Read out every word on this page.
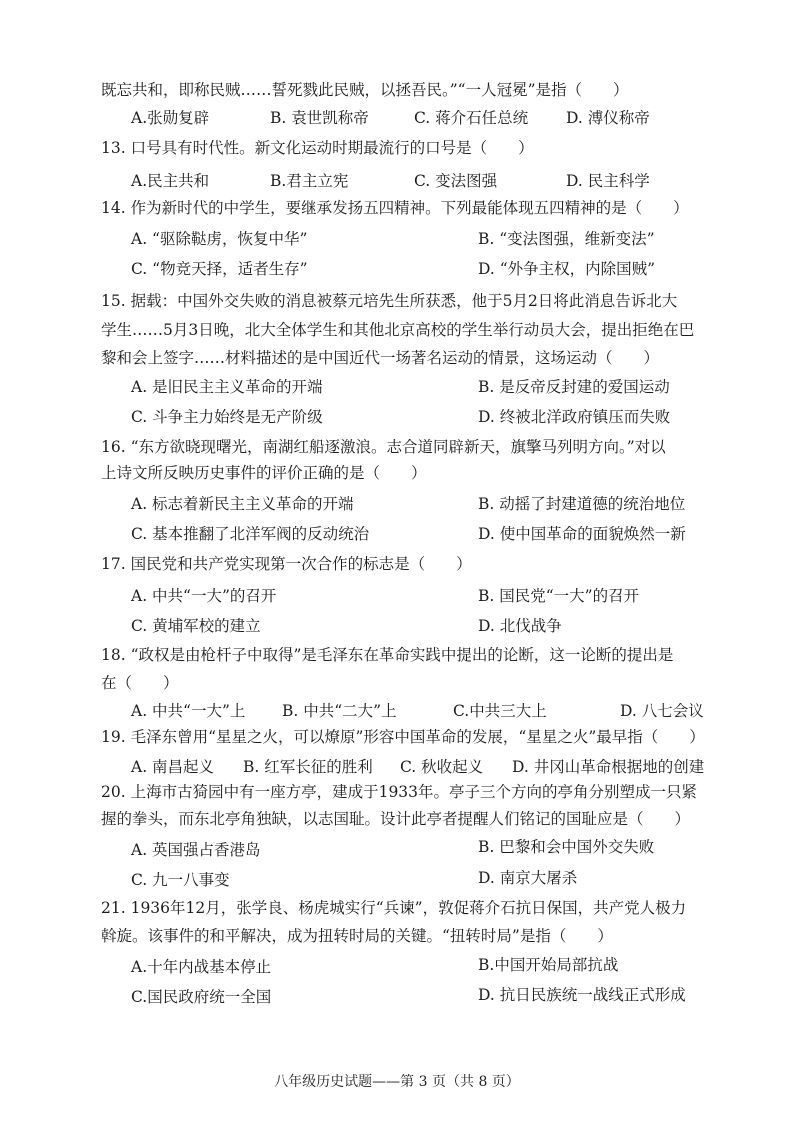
既忘共和，即称民贼……誓死戮此民贼，以拯吾民。”“一人冠冕”是指（　　）
A.张勋复辟	B. 袁世凯称帝	C. 蒋介石任总统 D. 溥仪称帝
13. 口号具有时代性。新文化运动时期最流行的口号是（　　）
A.民主共和	B.君主立宪	C. 变法图强	D. 民主科学
14. 作为新时代的中学生，要继承发扬五四精神。下列最能体现五四精神的是（　　）
A. “驱除鞑虏，恢复中华”	B. “变法图强，维新变法”
C. “物竞天择，适者生存”	D. “外争主权，内除国贼”
15. 据载：中国外交失败的消息被蔡元培先生所获悉，他于5月2日将此消息告诉北大
学生……5月3日晚，北大全体学生和其他北京高校的学生举行动员大会，提出拒绝在巴
黎和会上签字……材料描述的是中国近代一场著名运动的情景，这场运动（　　）
A. 是旧民主主义革命的开端	B. 是反帝反封建的爱国运动
C. 斗争主力始终是无产阶级	D. 终被北洋政府镇压而失败
16. “东方欲晓现曙光，南湖红船逐激浪。志合道同辟新天，旗擎马列明方向。”对以
上诗文所反映历史事件的评价正确的是（　　）
A. 标志着新民主主义革命的开端	B. 动摇了封建道德的统治地位
C. 基本推翻了北洋军阀的反动统治	D. 使中国革命的面貌焕然一新
17. 国民党和共产党实现第一次合作的标志是（　　）
A. 中共“一大”的召开	B. 国民党“一大”的召开
C. 黄埔军校的建立	D. 北伐战争
18. “政权是由枪杆子中取得”是毛泽东在革命实践中提出的论断，这一论断的提出是
在（　　）
A. 中共“一大”上 B. 中共“二大”上	C.中共三大上	D. 八七会议
19. 毛泽东曾用“星星之火，可以燎原”形容中国革命的发展，“星星之火”最早指（　　）
A. 南昌起义 B. 红军长征的胜利 C. 秋收起义 D. 井冈山革命根据地的创建
20. 上海市古猗园中有一座方亭，建成于1933年。亭子三个方向的亭角分别塑成一只紧
握的拳头，而东北亭角独缺，以志国耻。设计此亭者提醒人们铭记的国耻应是（　　）
A. 英国强占香港岛	B. 巴黎和会中国外交失败
C. 九一八事变	D. 南京大屠杀
21. 1936年12月，张学良、杨虎城实行“兵谏”，敦促蒋介石抗日保国，共产党人极力
斡旋。该事件的和平解决，成为扭转时局的关键。“扭转时局”是指（　　）
A.十年内战基本停止	B.中国开始局部抗战
C.国民政府统一全国	D. 抗日民族统一战线正式形成
八年级历史试题——第 3 页（共 8 页）
